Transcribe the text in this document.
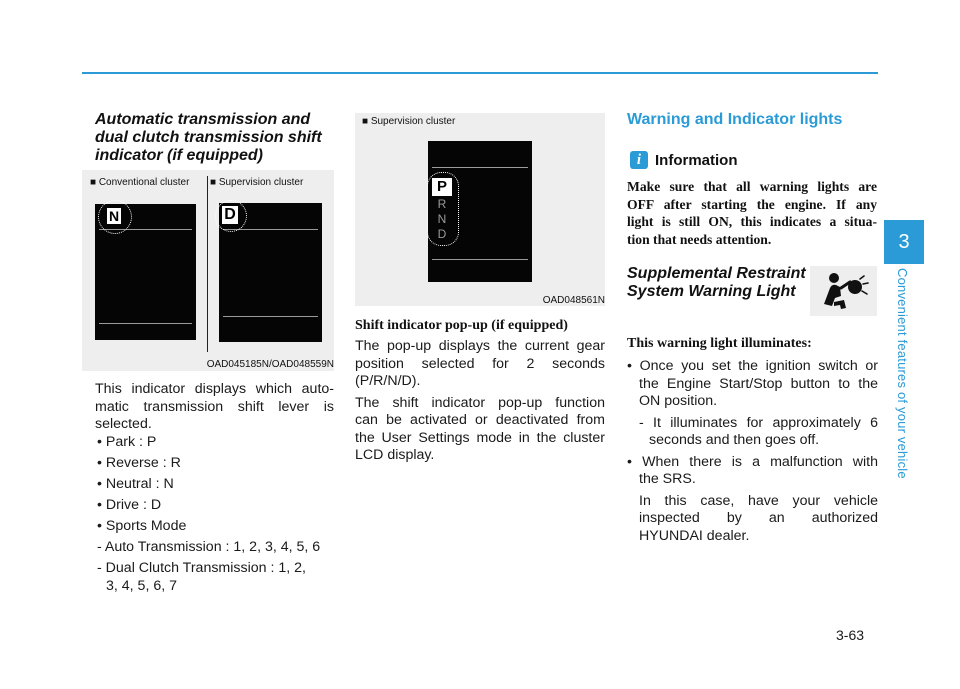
Automatic transmission and
dual clutch transmission shift
indicator (if equipped)
■ Conventional cluster ■ Supervision cluster
N	D
OAD045185N/OAD048559N
This indicator displays which auto-
matic transmission shift lever is
selected.
• Park : P
• Reverse : R
• Neutral : N
• Drive : D
• Sports Mode
- Auto Transmission : 1, 2, 3, 4, 5, 6
- Dual Clutch Transmission : 1, 2,
3, 4, 5, 6, 7
■ Supervision cluster
P
R
N
D
OAD048561N
Shift indicator pop-up (if equipped)
The pop-up displays the current gear
position selected for 2 seconds
(P/R/N/D).
The shift indicator pop-up function
can be activated or deactivated from
the User Settings mode in the cluster
LCD display.
Warning and Indicator lights
i Information
Make sure that all warning lights are
OFF after starting the engine. If any
light is still ON, this indicates a situa-
tion that needs attention.
Supplemental Restraint
System Warning Light
This warning light illuminates:
• Once you set the ignition switch or
the Engine Start/Stop button to the
ON position.
- It illuminates for approximately 6
seconds and then goes off.
• When there is a malfunction with
the SRS.
In this case, have your vehicle
inspected by an authorized
HYUNDAI dealer.
3
Convenient features of your vehicle
3-63
